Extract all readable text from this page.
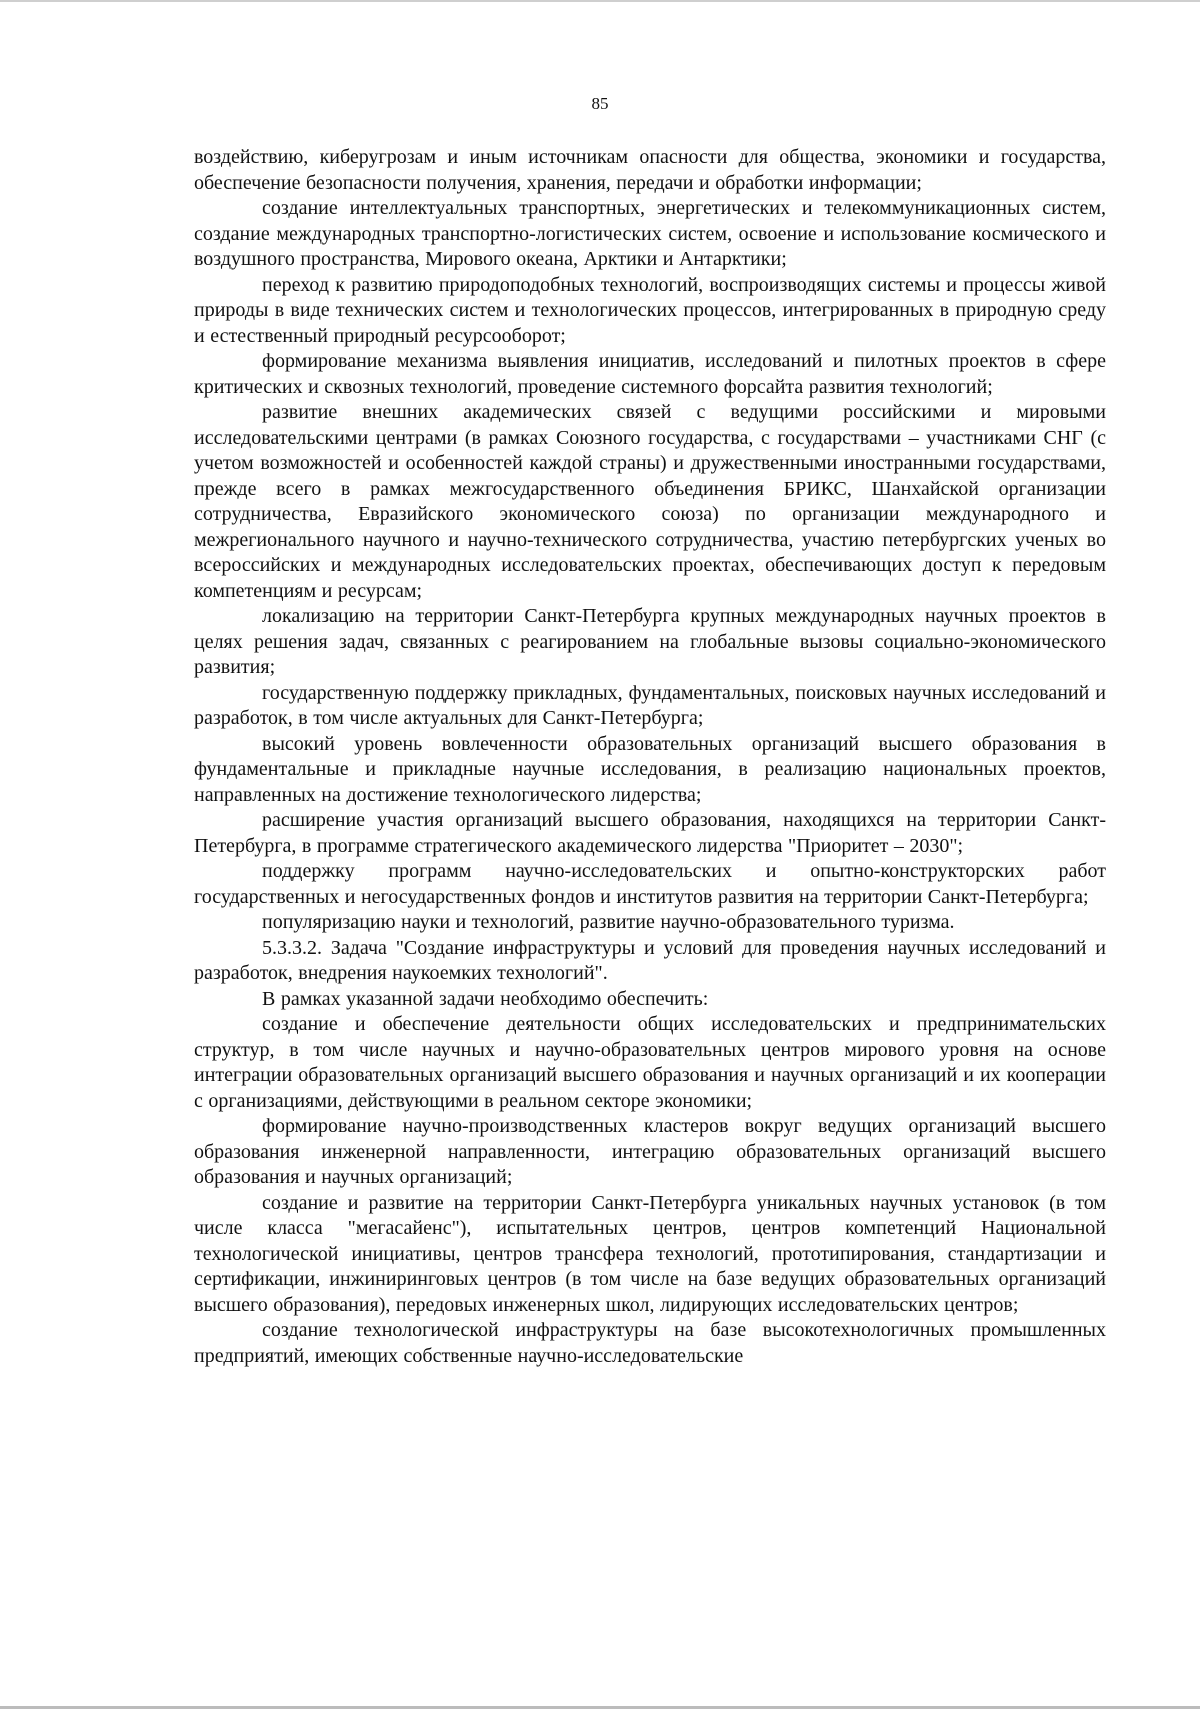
85

воздействию, киберугрозам и иным источникам опасности для общества, экономики и государства, обеспечение безопасности получения, хранения, передачи и обработки информации;

создание интеллектуальных транспортных, энергетических и телекоммуникационных систем, создание международных транспортно-логистических систем, освоение и использование космического и воздушного пространства, Мирового океана, Арктики и Антарктики;

переход к развитию природоподобных технологий, воспроизводящих системы и процессы живой природы в виде технических систем и технологических процессов, интегрированных в природную среду и естественный природный ресурсооборот;

формирование механизма выявления инициатив, исследований и пилотных проектов в сфере критических и сквозных технологий, проведение системного форсайта развития технологий;

развитие внешних академических связей с ведущими российскими и мировыми исследовательскими центрами (в рамках Союзного государства, с государствами – участниками СНГ (с учетом возможностей и особенностей каждой страны) и дружественными иностранными государствами, прежде всего в рамках межгосударственного объединения БРИКС, Шанхайской организации сотрудничества, Евразийского экономического союза) по организации международного и межрегионального научного и научно-технического сотрудничества, участию петербургских ученых во всероссийских и международных исследовательских проектах, обеспечивающих доступ к передовым компетенциям и ресурсам;

локализацию на территории Санкт-Петербурга крупных международных научных проектов в целях решения задач, связанных с реагированием на глобальные вызовы социально-экономического развития;

государственную поддержку прикладных, фундаментальных, поисковых научных исследований и разработок, в том числе актуальных для Санкт-Петербурга;

высокий уровень вовлеченности образовательных организаций высшего образования в фундаментальные и прикладные научные исследования, в реализацию национальных проектов, направленных на достижение технологического лидерства;

расширение участия организаций высшего образования, находящихся на территории Санкт-Петербурга, в программе стратегического академического лидерства "Приоритет – 2030";

поддержку программ научно-исследовательских и опытно-конструкторских работ государственных и негосударственных фондов и институтов развития на территории Санкт-Петербурга;

популяризацию науки и технологий, развитие научно-образовательного туризма.

5.3.3.2. Задача "Создание инфраструктуры и условий для проведения научных исследований и разработок, внедрения наукоемких технологий".

В рамках указанной задачи необходимо обеспечить:

создание и обеспечение деятельности общих исследовательских и предпринимательских структур, в том числе научных и научно-образовательных центров мирового уровня на основе интеграции образовательных организаций высшего образования и научных организаций и их кооперации с организациями, действующими в реальном секторе экономики;

формирование научно-производственных кластеров вокруг ведущих организаций высшего образования инженерной направленности, интеграцию образовательных организаций высшего образования и научных организаций;

создание и развитие на территории Санкт-Петербурга уникальных научных установок (в том числе класса "мегасайенс"), испытательных центров, центров компетенций Национальной технологической инициативы, центров трансфера технологий, прототипирования, стандартизации и сертификации, инжиниринговых центров (в том числе на базе ведущих образовательных организаций высшего образования), передовых инженерных школ, лидирующих исследовательских центров;

создание технологической инфраструктуры на базе высокотехнологичных промышленных предприятий, имеющих собственные научно-исследовательские
